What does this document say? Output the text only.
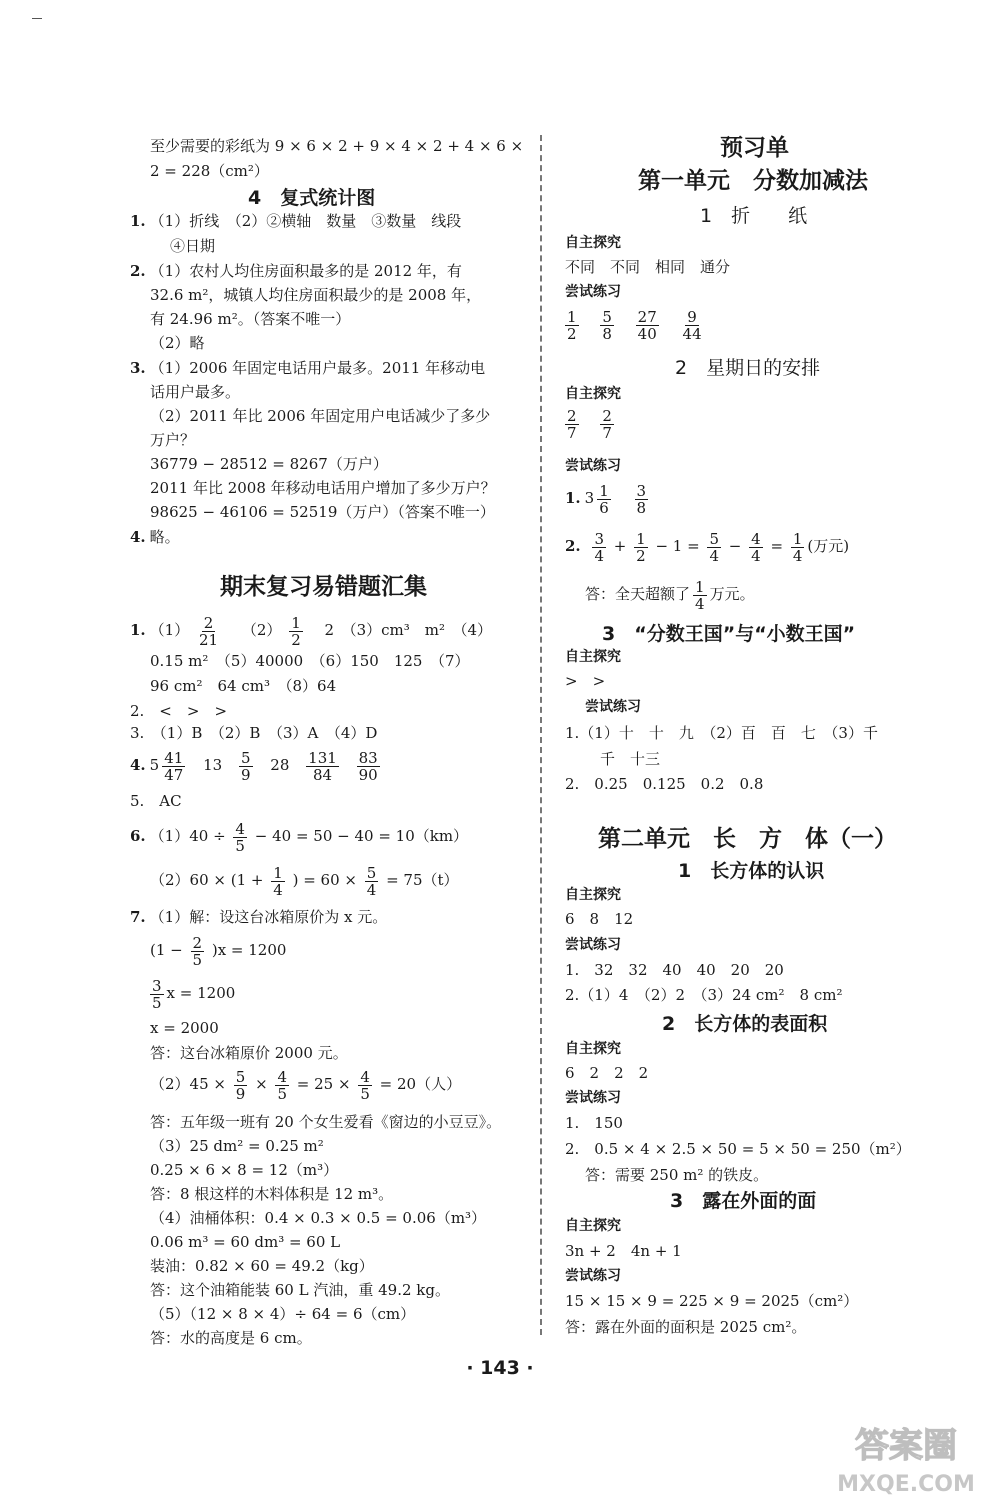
至少需要的彩纸为 9 × 6 × 2 + 9 × 4 × 2 + 4 × 6 ×
2 = 228（cm²）
4　复式统计图
1. （1）折线　（2）②横轴　数量　③数量　线段
④日期
2. （1）农村人均住房面积最多的是 2012 年，有
32.6 m²，城镇人均住房面积最少的是 2008 年，
有 24.96 m²。（答案不唯一）
（2）略
3. （1）2006 年固定电话用户最多。2011 年移动电
话用户最多。
（2）2011 年比 2006 年固定用户电话减少了多少
万户？
36779 − 28512 = 8267（万户）
2011 年比 2008 年移动电话用户增加了多少万户？
98625 − 46106 = 52519（万户）（答案不唯一）
4. 略。
期末复习易错题汇集
1. $(1) \frac{2}{21} (2) \frac{1}{2} 2$　（3）cm³　m²　（4）
0.15 m²　（5）40000　（6）150　125　（7）
96 cm²　64 cm³　（8）64
2.　<　>　>
3.　（1）B　（2）B　（3）A　（4）D
4. $5 \frac{41}{47} 13 \frac{5}{9} 28 \frac{131}{84}$
$\frac{83}{90}$
5.　AC
6. $(1)40 \div \frac{4}{5} - 40 = 50 - 40 = 10(km)$
$(2)60 \times (1 + \frac{1}{4}$ ) = $60 \times \frac{5}{4} = 75(t)$
7. （1）解：设这台冰箱原价为 x 元。
$(1 - \frac{2}{5} )x = 1200$
$\frac{3}{5}$ x = 1200
x = 2000
答：这台冰箱原价 2000 元。
$(2)45 \times \frac{5}{9} \times \frac{4}{5} = 25 \times \frac{4}{5} = 20$（人）
答：五年级一班有 20 个女生爱看《窗边的小豆豆》。
（3）25 dm² = 0.25 m²
0.25 × 6 × 8 = 12（m³）
答：8 根这样的木料体积是 12 m³。
（4）油桶体积：0.4 × 0.3 × 0.5 = 0.06（m³）
0.06 m³ = 60 dm³ = 60 L
装油：0.82 × 60 = 49.2（kg）
答：这个油箱能装 60 L 汽油，重 49.2 kg。
（5）（12 × 8 × 4）÷ 64 = 6（cm）
答：水的高度是 6 cm。
预习单
第一单元　分数加减法
1　折　　纸
自主探究
不同　不同　相同　通分
尝试练习
$\frac{1}{2}$
$\frac{5}{8}$
$\frac{27}{40}$
$\frac{9}{44}$
2　星期日的安排
自主探究
$\frac{2}{7}$
$\frac{2}{7}$
尝试练习
1. $3 \frac{1}{6}$
$\frac{3}{8}$
2. $\frac{3}{4} + \frac{1}{2} - 1 = \frac{5}{4} - \frac{4}{4} = \frac{1}{4}$ (万元)
答：全天超额了 $\frac{1}{4}$ 万元。
3　“分数王国”与“小数王国”
自主探究
>　>
尝试练习
1.（1）十　十　九　（2）百　百　七　（3）千
千　十三
2.　0.25　0.125　0.2　0.8
第二单元　长　方　体（一）
1　长方体的认识
自主探究
6　8　12
尝试练习
1.　32　32　40　40　20　20
2.（1）4　（2）2　（3）24 cm²　8 cm²
2　长方体的表面积
自主探究
6　2　2　2
尝试练习
1.　150
2.　0.5 × 4 × 2.5 × 50 = 5 × 50 = 250（m²）
答：需要 250 m² 的铁皮。
3　露在外面的面
自主探究
3n + 2　4n + 1
尝试练习
15 × 15 × 9 = 225 × 9 = 2025（cm²）
答：露在外面的面积是 2025 cm²。
· 143 ·
答案圈
MXQE.COM
